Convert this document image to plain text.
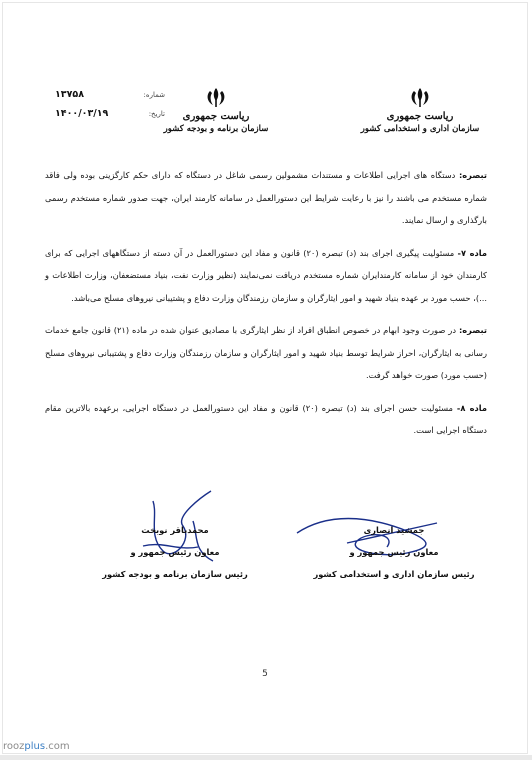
ریاست جمهوری
سازمان اداری و استخدامی کشور
ریاست جمهوری
سازمان برنامه و بودجه کشور
شماره:
۱۳۷۵۸
تاریخ:
۱۴۰۰/۰۳/۱۹

تبصره: دستگاه های اجرایی اطلاعات و مستندات مشمولین رسمی شاغل در دستگاه که دارای حکم کارگزینی بوده ولی فاقد شماره مستخدم می باشند را نیز با رعایت شرایط این دستورالعمل در سامانه کارمند ایران، جهت صدور شماره مستخدم رسمی بارگذاری و ارسال نمایند.

ماده ۷- مسئولیت پیگیری اجرای بند (د) تبصره (۲۰) قانون و مفاد این دستورالعمل در آن دسته از دستگاههای اجرایی که برای کارمندان خود از سامانه کارمندایران شماره مستخدم دریافت نمی‌نمایند (نظیر وزارت نفت، بنیاد مستضعفان، وزارت اطلاعات و ...)، حسب مورد بر عهده بنیاد شهید و امور ایثارگران و سازمان رزمندگان وزارت دفاع و پشتیبانی نیروهای مسلح می‌باشد.

تبصره: در صورت وجود ابهام در خصوص انطباق افراد از نظر ایثارگری با مصادیق عنوان شده در ماده (۲۱) قانون جامع خدمات رسانی به ایثارگران، احراز شرایط توسط بنیاد شهید و امور ایثارگران و سازمان رزمندگان وزارت دفاع و پشتیبانی نیروهای مسلح (حسب مورد) صورت خواهد گرفت.

ماده ۸- مسئولیت حسن اجرای بند (د) تبصره (۲۰) قانون و مفاد این دستورالعمل در دستگاه اجرایی، برعهده بالاترین مقام دستگاه اجرایی است.

جمشید انصاری
معاون رئیس جمهور و
رئیس سازمان اداری و استخدامی کشور
محمدباقر نوبخت
معاون رئیس جمهور و
رئیس سازمان برنامه و بودجه کشور
5
roozplus.com
